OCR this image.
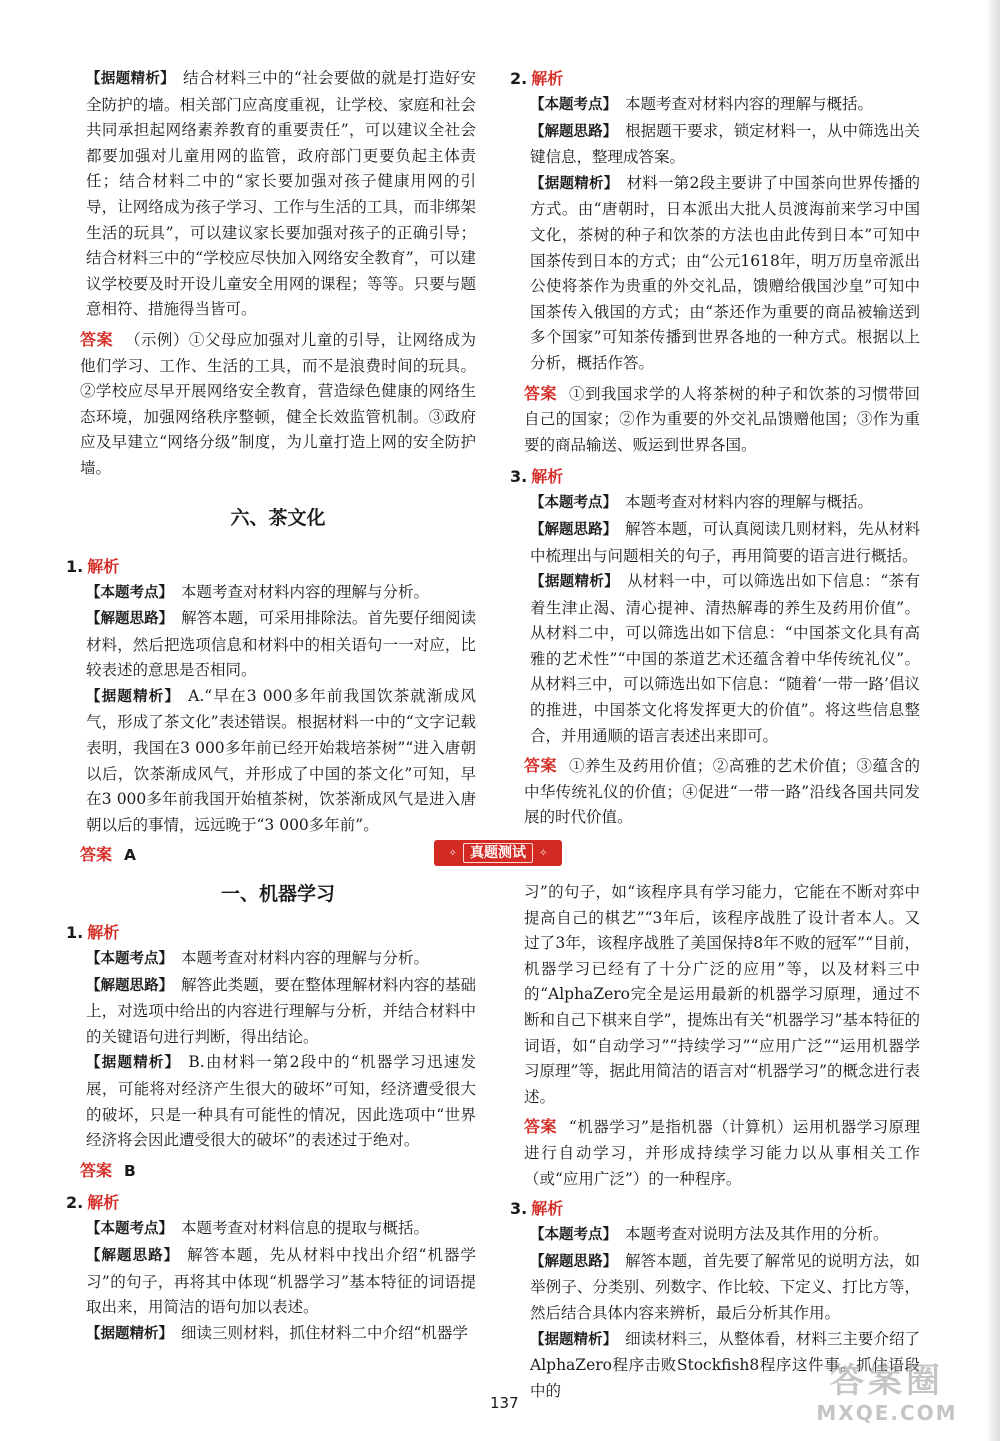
【据题精析】 结合材料三中的“社会要做的就是打造好安全防护的墙。相关部门应高度重视，让学校、家庭和社会共同承担起网络素养教育的重要责任”，可以建议全社会都要加强对儿童用网的监管，政府部门更要负起主体责任；结合材料二中的“家长要加强对孩子健康用网的引导，让网络成为孩子学习、工作与生活的工具，而非绑架生活的玩具”，可以建议家长要加强对孩子的正确引导；结合材料三中的“学校应尽快加入网络安全教育”，可以建议学校要及时开设儿童安全用网的课程；等等。只要与题意相符、措施得当皆可。

答案 （示例）①父母应加强对儿童的引导，让网络成为他们学习、工作、生活的工具，而不是浪费时间的玩具。②学校应尽早开展网络安全教育，营造绿色健康的网络生态环境，加强网络秩序整顿，健全长效监管机制。③政府应及早建立“网络分级”制度，为儿童打造上网的安全防护墙。

六、茶文化
1. 解析

【本题考点】 本题考查对材料内容的理解与分析。

【解题思路】 解答本题，可采用排除法。首先要仔细阅读材料，然后把选项信息和材料中的相关语句一一对应，比较表述的意思是否相同。

【据题精析】 A.“早在3 000多年前我国饮茶就渐成风气，形成了茶文化”表述错误。根据材料一中的“文字记载表明，我国在3 000多年前已经开始栽培茶树”“进入唐朝以后，饮茶渐成风气，并形成了中国的茶文化”可知，早在3 000多年前我国开始植茶树，饮茶渐成风气是进入唐朝以后的事情，远远晚于“3 000多年前”。

答案 A

2. 解析

【本题考点】 本题考查对材料内容的理解与概括。

【解题思路】 根据题干要求，锁定材料一，从中筛选出关键信息，整理成答案。

【据题精析】 材料一第2段主要讲了中国茶向世界传播的方式。由“唐朝时，日本派出大批人员渡海前来学习中国文化，茶树的种子和饮茶的方法也由此传到日本”可知中国茶传到日本的方式；由“公元1618年，明万历皇帝派出公使将茶作为贵重的外交礼品，馈赠给俄国沙皇”可知中国茶传入俄国的方式；由“茶还作为重要的商品被输送到多个国家”可知茶传播到世界各地的一种方式。根据以上分析，概括作答。

答案 ①到我国求学的人将茶树的种子和饮茶的习惯带回自己的国家；②作为重要的外交礼品馈赠他国；③作为重要的商品输送、贩运到世界各国。

3. 解析

【本题考点】 本题考查对材料内容的理解与概括。

【解题思路】 解答本题，可认真阅读几则材料，先从材料中梳理出与问题相关的句子，再用简要的语言进行概括。

【据题精析】 从材料一中，可以筛选出如下信息：“茶有着生津止渴、清心提神、清热解毒的养生及药用价值”。从材料二中，可以筛选出如下信息：“中国茶文化具有高雅的艺术性”“中国的茶道艺术还蕴含着中华传统礼仪”。从材料三中，可以筛选出如下信息：“随着‘一带一路’倡议的推进，中国茶文化将发挥更大的价值”。将这些信息整合，并用通顺的语言表述出来即可。

答案 ①养生及药用价值；②高雅的艺术价值；③蕴含的中华传统礼仪的价值；④促进“一带一路”沿线各国共同发展的时代价值。

✧ 真题测试	✧
一、机器学习
1. 解析

【本题考点】 本题考查对材料内容的理解与分析。

【解题思路】 解答此类题，要在整体理解材料内容的基础上，对选项中给出的内容进行理解与分析，并结合材料中的关键语句进行判断，得出结论。

【据题精析】 B.由材料一第2段中的“机器学习迅速发展，可能将对经济产生很大的破坏”可知，经济遭受很大的破坏，只是一种具有可能性的情况，因此选项中“世界经济将会因此遭受很大的破坏”的表述过于绝对。

答案 B

2. 解析

【本题考点】 本题考查对材料信息的提取与概括。

【解题思路】 解答本题，先从材料中找出介绍“机器学习”的句子，再将其中体现“机器学习”基本特征的词语提取出来，用简洁的语句加以表述。

【据题精析】 细读三则材料，抓住材料二中介绍“机器学

习”的句子，如“该程序具有学习能力，它能在不断对弈中提高自己的棋艺”“3年后，该程序战胜了设计者本人。又过了3年，该程序战胜了美国保持8年不败的冠军”“目前，机器学习已经有了十分广泛的应用”等，以及材料三中的“AlphaZero完全是运用最新的机器学习原理，通过不断和自己下棋来自学”，提炼出有关“机器学习”基本特征的词语，如“自动学习”“持续学习”“应用广泛”“运用机器学习原理”等，据此用简洁的语言对“机器学习”的概念进行表述。

答案 “机器学习”是指机器（计算机）运用机器学习原理进行自动学习，并形成持续学习能力以从事相关工作（或“应用广泛”）的一种程序。

3. 解析

【本题考点】 本题考查对说明方法及其作用的分析。

【解题思路】 解答本题，首先要了解常见的说明方法，如举例子、分类别、列数字、作比较、下定义、打比方等，然后结合具体内容来辨析，最后分析其作用。

【据题精析】 细读材料三，从整体看，材料三主要介绍了AlphaZero程序击败Stockfish8程序这件事。抓住语段中的

137
答案圈
MXQE.COM
